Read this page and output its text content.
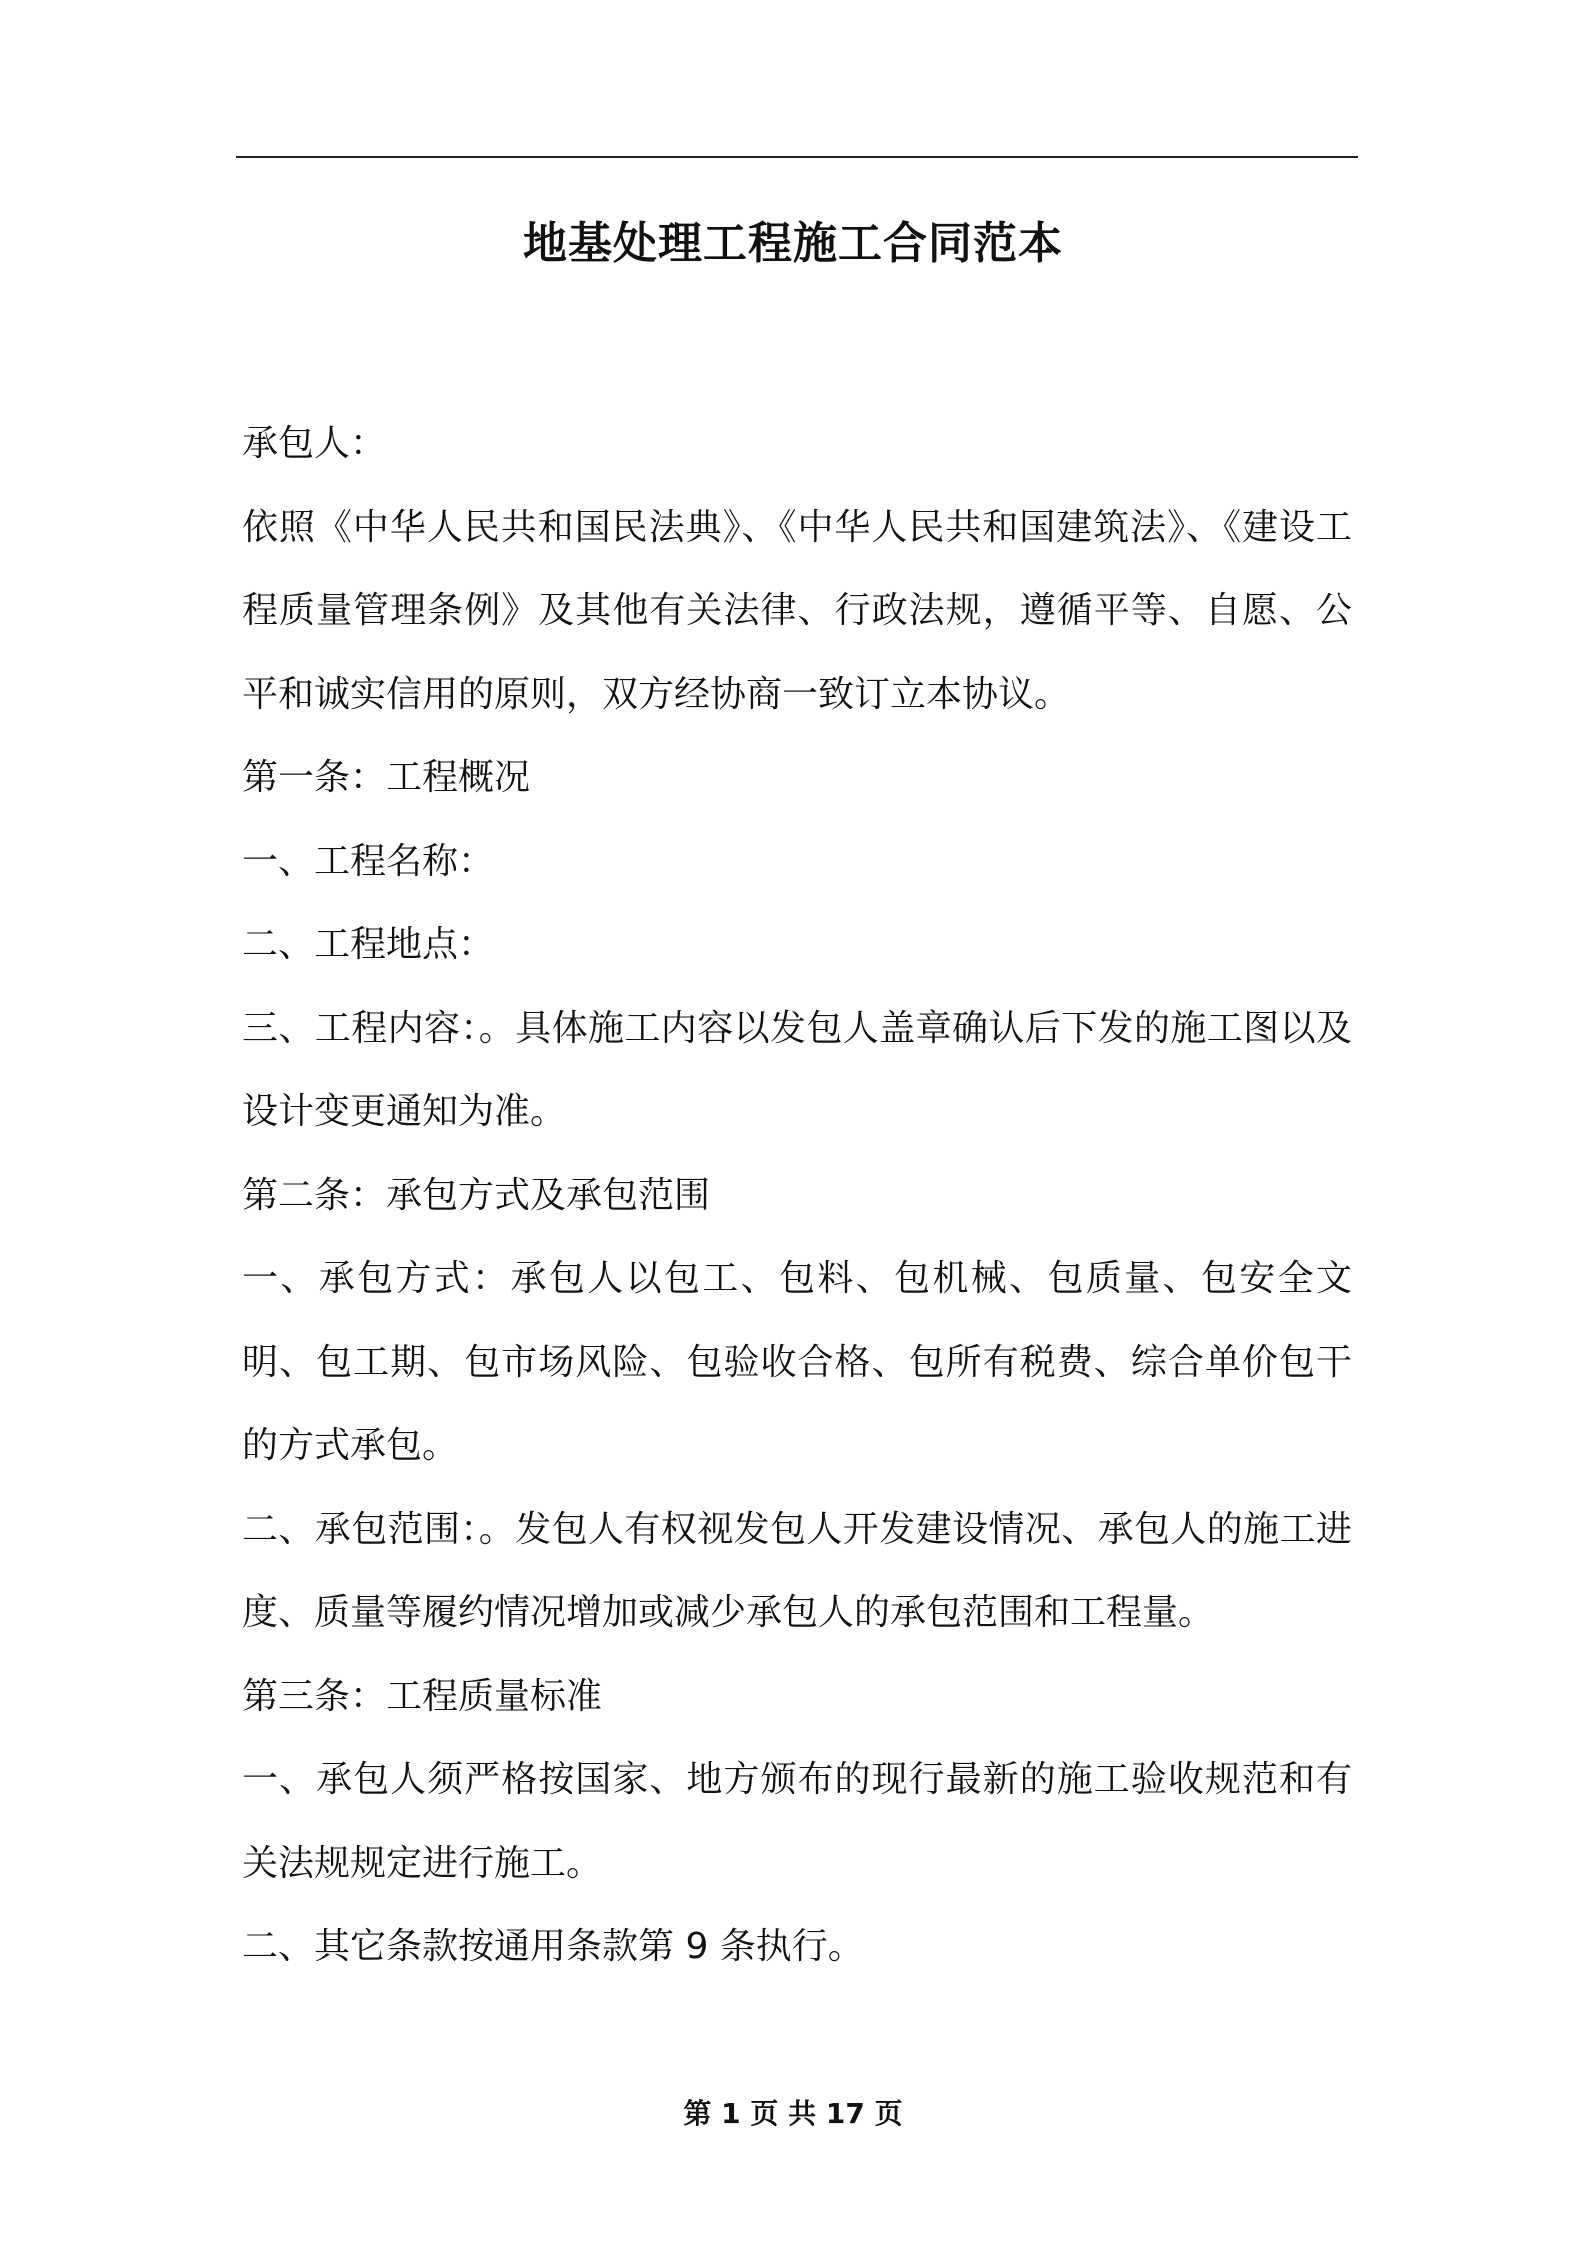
地基处理工程施工合同范本

承包人：

依照《中华人民共和国民法典》、《中华人民共和国建筑法》、《建设工程质量管理条例》及其他有关法律、行政法规，遵循平等、自愿、公平和诚实信用的原则，双方经协商一致订立本协议。

第一条：工程概况

一、工程名称：

二、工程地点：

三、工程内容：。具体施工内容以发包人盖章确认后下发的施工图以及设计变更通知为准。

第二条：承包方式及承包范围

一、承包方式：承包人以包工、包料、包机械、包质量、包安全文明、包工期、包市场风险、包验收合格、包所有税费、综合单价包干的方式承包。

二、承包范围：。发包人有权视发包人开发建设情况、承包人的施工进度、质量等履约情况增加或减少承包人的承包范围和工程量。

第三条：工程质量标准

一、承包人须严格按国家、地方颁布的现行最新的施工验收规范和有关法规规定进行施工。

二、其它条款按通用条款第 9 条执行。

第 1 页 共 17 页
